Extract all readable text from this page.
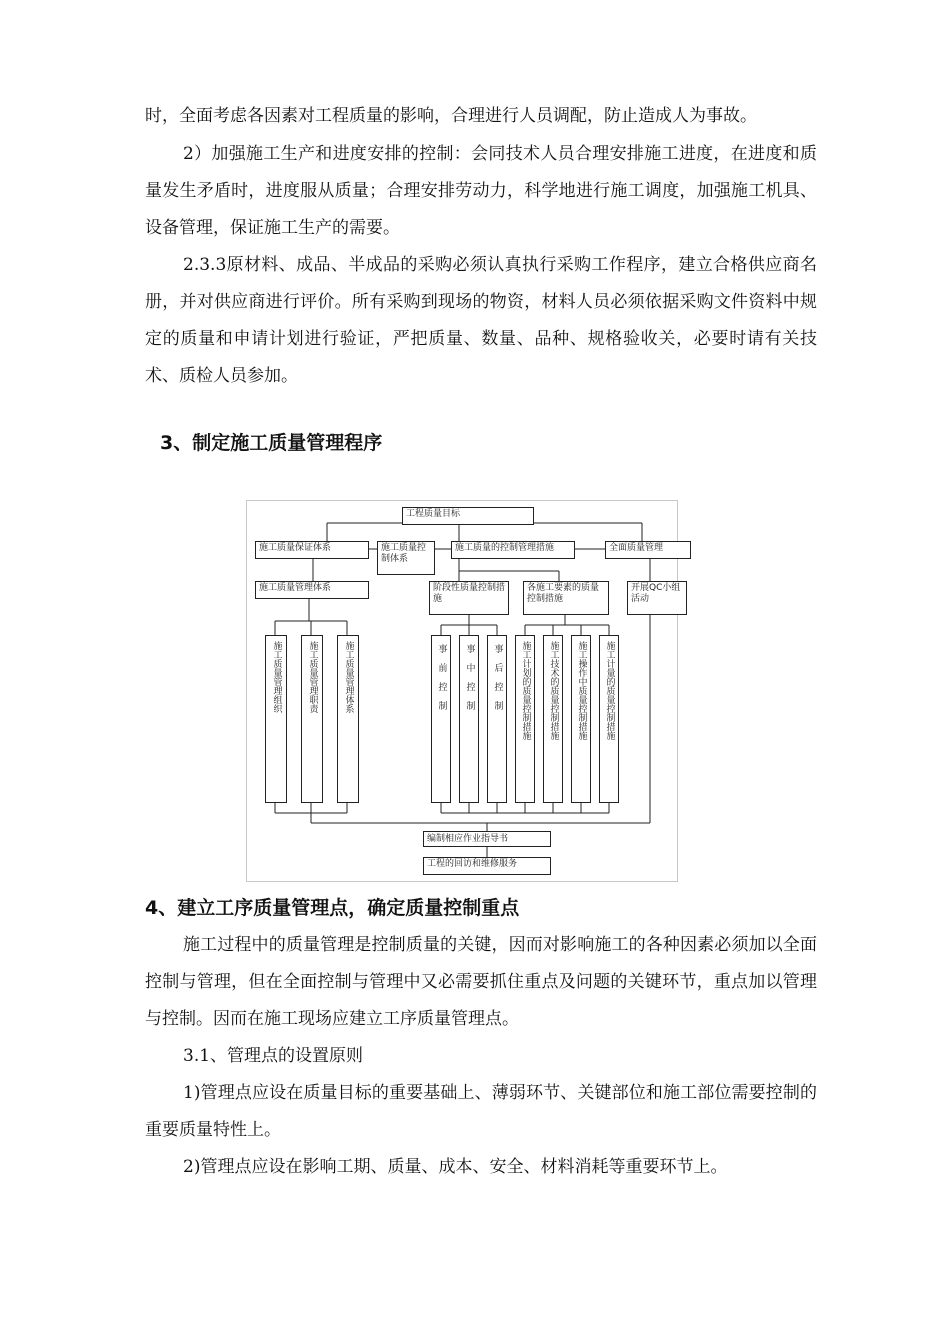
时，全面考虑各因素对工程质量的影响，合理进行人员调配，防止造成人为事故。

2）加强施工生产和进度安排的控制：会同技术人员合理安排施工进度，在进度和质量发生矛盾时，进度服从质量；合理安排劳动力，科学地进行施工调度，加强施工机具、设备管理，保证施工生产的需要。

2.3.3原材料、成品、半成品的采购必须认真执行采购工作程序，建立合格供应商名册，并对供应商进行评价。所有采购到现场的物资，材料人员必须依据采购文件资料中规定的质量和申请计划进行验证，严把质量、数量、品种、规格验收关，必要时请有关技术、质检人员参加。

3、制定施工质量管理程序
工程质量目标
施工质量保证体系	施工质量控制体系
施工质量的控制管理措施	全面质量管理
施工质量管理体系	阶段性质量控制措施
各施工要素的质量控制措施
开展QC小组活动
施工质量管理组织	施工质量管理职责	施工质量管理体系	事前控制	事中控制	事后控制	施工计划的质量控制措施	施工技术的质量控制措施	施工操作中质量控制措施	施工计量的质量控制措施
编制相应作业指导书
工程的回访和维修服务
4、建立工序质量管理点，确定质量控制重点

施工过程中的质量管理是控制质量的关键，因而对影响施工的各种因素必须加以全面控制与管理，但在全面控制与管理中又必需要抓住重点及问题的关键环节，重点加以管理与控制。因而在施工现场应建立工序质量管理点。

3.1、管理点的设置原则

1)管理点应设在质量目标的重要基础上、薄弱环节、关键部位和施工部位需要控制的重要质量特性上。

2)管理点应设在影响工期、质量、成本、安全、材料消耗等重要环节上。
